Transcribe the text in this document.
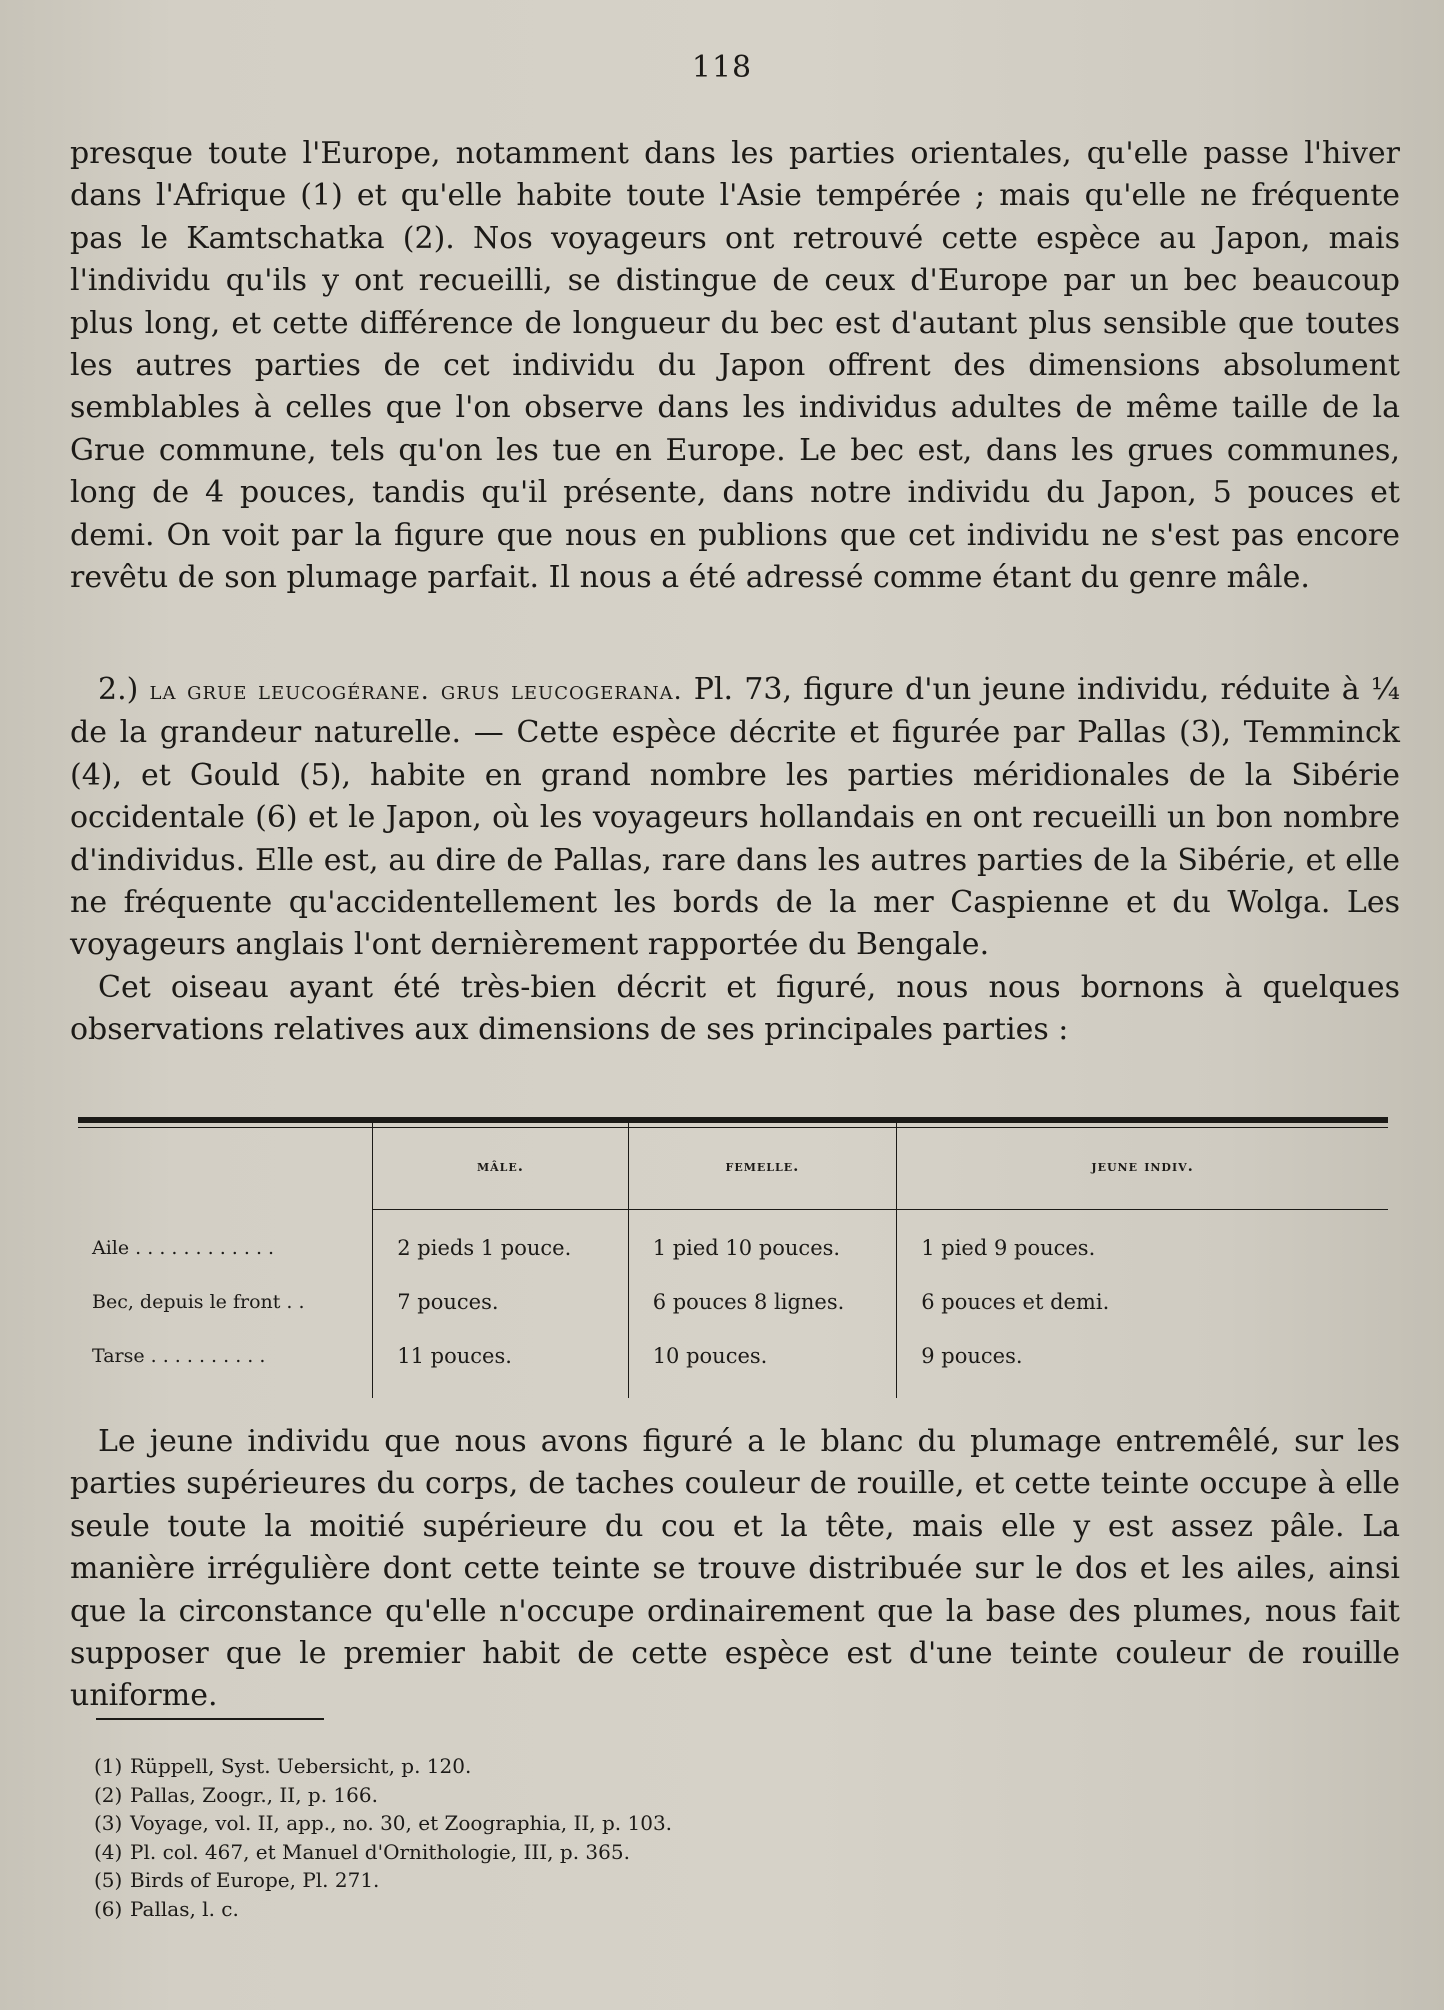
118

presque toute l'Europe, notamment dans les parties orientales, qu'elle passe l'hiver dans l'Afrique (1) et qu'elle habite toute l'Asie tempérée ; mais qu'elle ne fréquente pas le Kamtschatka (2). Nos voyageurs ont retrouvé cette espèce au Japon, mais l'individu qu'ils y ont recueilli, se distingue de ceux d'Europe par un bec beaucoup plus long, et cette différence de longueur du bec est d'autant plus sensible que toutes les autres parties de cet individu du Japon offrent des dimensions absolument semblables à celles que l'on observe dans les individus adultes de même taille de la Grue commune, tels qu'on les tue en Europe. Le bec est, dans les grues communes, long de 4 pouces, tandis qu'il présente, dans notre individu du Japon, 5 pouces et demi. On voit par la figure que nous en publions que cet individu ne s'est pas encore revêtu de son plumage parfait. Il nous a été adressé comme étant du genre mâle.

2.) la grue leucogérane. grus leucogerana. Pl. 73, figure d'un jeune individu, réduite à ¼ de la grandeur naturelle. — Cette espèce décrite et figurée par Pallas (3), Temminck (4), et Gould (5), habite en grand nombre les parties méridionales de la Sibérie occidentale (6) et le Japon, où les voyageurs hollandais en ont recueilli un bon nombre d'individus. Elle est, au dire de Pallas, rare dans les autres parties de la Sibérie, et elle ne fréquente qu'accidentellement les bords de la mer Caspienne et du Wolga. Les voyageurs anglais l'ont dernièrement rapportée du Bengale.

Cet oiseau ayant été très-bien décrit et figuré, nous nous bornons à quelques observations relatives aux dimensions de ses principales parties :

	mâle.	femelle.	jeune indiv.
Aile . . . . . . . . . . . .	2 pieds 1 pouce.	1 pied 10 pouces.	1 pied 9 pouces.
Bec, depuis le front . .	7 pouces.	6 pouces 8 lignes.	6 pouces et demi.
Tarse . . . . . . . . . .	11 pouces.	10 pouces.	9 pouces.

Le jeune individu que nous avons figuré a le blanc du plumage entremêlé, sur les parties supérieures du corps, de taches couleur de rouille, et cette teinte occupe à elle seule toute la moitié supérieure du cou et la tête, mais elle y est assez pâle. La manière irrégulière dont cette teinte se trouve distribuée sur le dos et les ailes, ainsi que la circonstance qu'elle n'occupe ordinairement que la base des plumes, nous fait supposer que le premier habit de cette espèce est d'une teinte couleur de rouille uniforme.

(1) Rüppell, Syst. Uebersicht, p. 120.
(2) Pallas, Zoogr., II, p. 166.
(3) Voyage, vol. II, app., no. 30, et Zoographia, II, p. 103.
(4) Pl. col. 467, et Manuel d'Ornithologie, III, p. 365.
(5) Birds of Europe, Pl. 271.
(6) Pallas, l. c.
